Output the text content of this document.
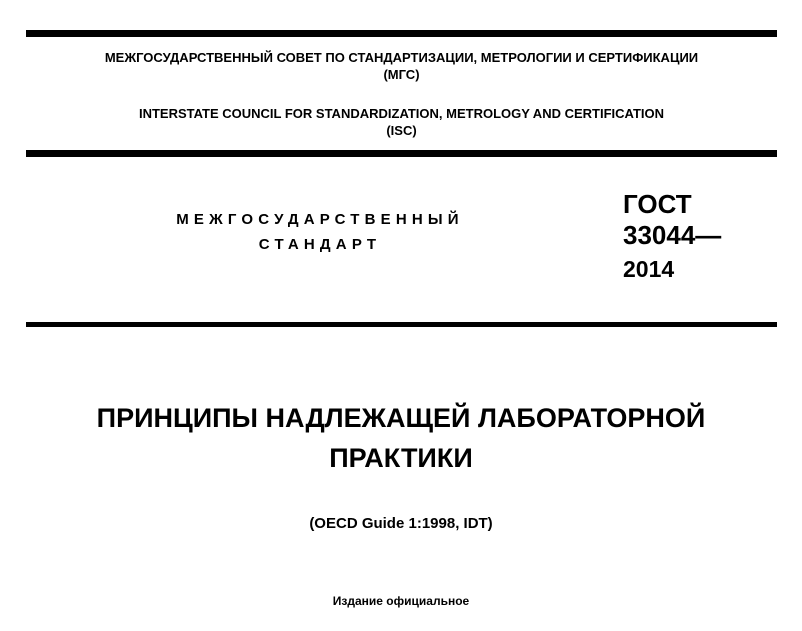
МЕЖГОСУДАРСТВЕННЫЙ СОВЕТ ПО СТАНДАРТИЗАЦИИ, МЕТРОЛОГИИ И СЕРТИФИКАЦИИ
(МГС)
INTERSTATE COUNCIL FOR STANDARDIZATION, METROLOGY AND CERTIFICATION
(ISC)
МЕЖГОСУДАРСТВЕННЫЙ
СТАНДАРТ
ГОСТ
33044—
2014
ПРИНЦИПЫ НАДЛЕЖАЩЕЙ ЛАБОРАТОРНОЙ
ПРАКТИКИ
(OECD Guide 1:1998, IDT)
Издание официальное
